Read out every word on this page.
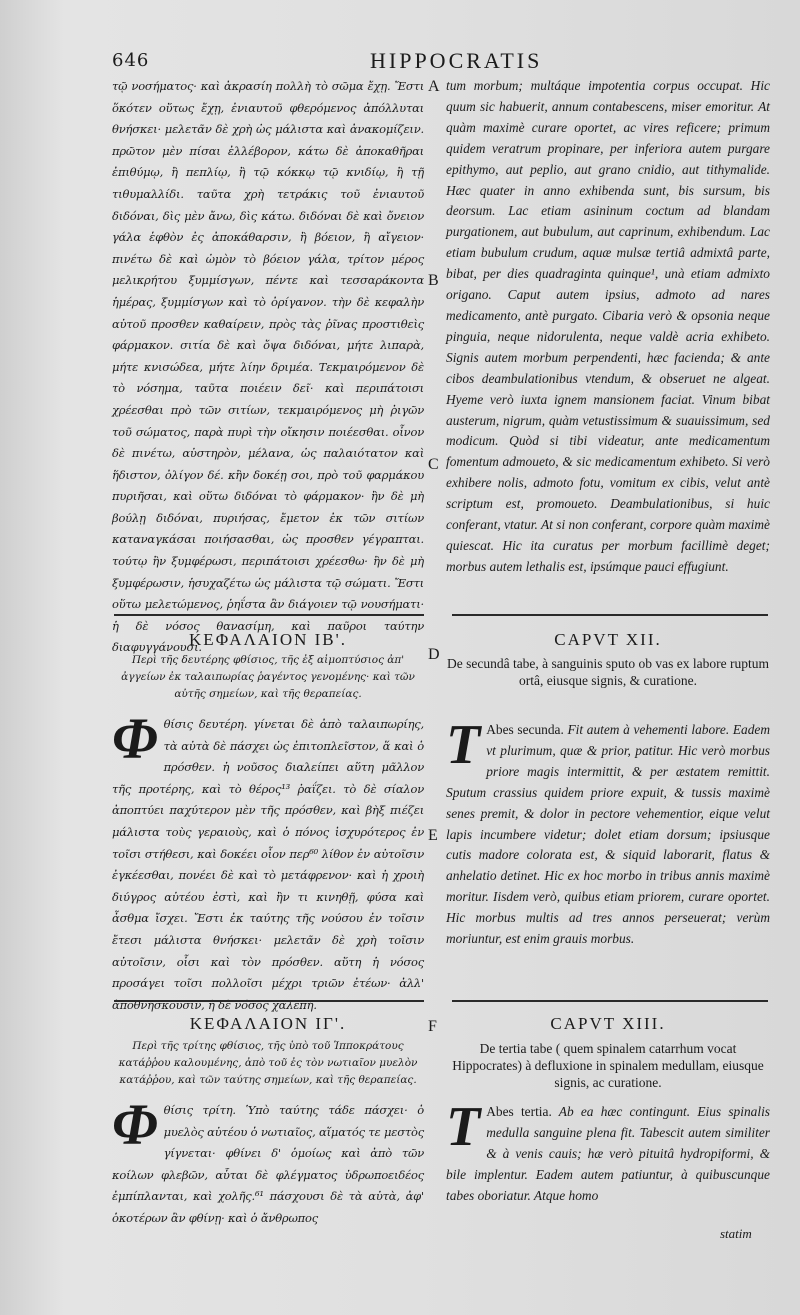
646	HIPPOCRATIS

τῷ νοσήματος· καὶ ἀκρασίη πολλὴ τὸ σῶμα ἔχῃ. Ἔστι ὅκότεν οὕτως ἔχῃ, ἐνιαυτοῦ φθερόμενος ἀπόλλυται θνήσκει· μελετᾶν δὲ χρὴ ὡς μάλιστα καὶ ἀνακομίζειν. πρῶτον μὲν πίσαι ἐλλέβορον, κάτω δὲ ἀποκαθῆραι ἐπιθύμῳ, ἢ πεπλίῳ, ἢ τῷ κόκκῳ τῷ κνιδίῳ, ἢ τῇ τιθυμαλλίδι. ταῦτα χρὴ τετράκις τοῦ ἐνιαυτοῦ διδόναι, δὶς μὲν ἄνω, δὶς κάτω. διδόναι δὲ καὶ ὄνειον γάλα ἑφθὸν ἐς ἀποκάθαρσιν, ἢ βόειον, ἢ αἴγειον· πινέτω δὲ καὶ ὠμὸν τὸ βόειον γάλα, τρίτον μέρος μελικρήτου ξυμμίσγων, πέντε καὶ τεσσαράκοντα ἡμέρας, ξυμμίσγων καὶ τὸ ὀρίγανον. τὴν δὲ κεφαλὴν αὐτοῦ προσθεν καθαίρειν, πρὸς τὰς ῥῖνας προστιθεὶς φάρμακον. σιτία δὲ καὶ ὄψα διδόναι, μήτε λιπαρὰ, μήτε κνισώδεα, μήτε λίην δριμέα. Τεκμαιρόμενον δὲ τὸ νόσημα, ταῦτα ποιέειν δεῖ· καὶ περιπάτοισι χρέεσθαι πρὸ τῶν σιτίων, τεκμαιρόμενος μὴ ῥιγῶν τοῦ σώματος, παρὰ πυρὶ τὴν οἴκησιν ποιέεσθαι. οἶνον δὲ πινέτω, αὐστηρὸν, μέλανα, ὡς παλαιότατον καὶ ἥδιστον, ὀλίγον δέ. κἢν δοκέῃ σοι, πρὸ τοῦ φαρμάκου πυριῆσαι, καὶ οὕτω διδόναι τὸ φάρμακον· ἢν δὲ μὴ βούλῃ διδόναι, πυριήσας, ἔμετον ἐκ τῶν σιτίων καταναγκάσαι ποιήσασθαι, ὡς προσθεν γέγραπται. τούτῳ ἢν ξυμφέρωσι, περιπάτοισι χρέεσθω· ἢν δὲ μὴ ξυμφέρωσιν, ἡσυχαζέτω ὡς μάλιστα τῷ σώματι. Ἔστι οὕτω μελετώμενος, ῥηΐστα ἂν διάγοιεν τῷ νουσήματι· ἡ δὲ νόσος θανασίμη, καὶ παῦροι ταύτην διαφυγγάνουσι.

tum morbum; multáque impotentia corpus occupat. Hic quum sic habuerit, annum contabescens, miser emoritur. At quàm maximè curare oportet, ac vires reficere; primum quidem veratrum propinare, per inferiora autem purgare epithymo, aut peplio, aut grano cnidio, aut tithymalide. Hæc quater in anno exhibenda sunt, bis sursum, bis deorsum. Lac etiam asininum coctum ad blandam purgationem, aut bubulum, aut caprinum, exhibendum. Lac etiam bubulum crudum, aquæ mulsæ tertiâ admixtâ parte, bibat, per dies quadraginta quinque¹, unà etiam admixto origano. Caput autem ipsius, admoto ad nares medicamento, antè purgato. Cibaria verò & opsonia neque pinguia, neque nidorulenta, neque valdè acria exhibeto. Signis autem morbum perpendenti, hæc facienda; & ante cibos deambulationibus vtendum, & obseruet ne algeat. Hyeme verò iuxta ignem mansionem faciat. Vinum bibat austerum, nigrum, quàm vetustissimum & suauissimum, sed modicum. Quòd si tibi videatur, ante medicamentum fomentum admoueto, & sic medicamentum exhibeto. Si verò exhibere nolis, admoto fotu, vomitum ex cibis, velut antè scriptum est, promoueto. Deambulationibus, si huic conferant, vtatur. At si non conferant, corpore quàm maximè quiescat. Hic ita curatus per morbum facillimè deget; morbus autem lethalis est, ipsúmque pauci effugiunt.

A
B
C
D
E
F
ΚΕΦΑΛΑΙΟΝ ΙΒ'.
Περὶ τῆς δευτέρης φθίσιος, τῆς ἐξ αἱμοπτύσιος ἀπ' ἀγγείων ἐκ ταλαιπωρίας ῥαγέντος γενομένης· καὶ τῶν αὐτῆς σημείων, καὶ τῆς θεραπείας.
CAPVT XII.
De secundâ tabe, à sanguinis sputo ob vas ex labore ruptum ortâ, eiusque signis, & curatione.

Φθίσις δευτέρη. γίνεται δὲ ἀπὸ ταλαιπωρίης, τὰ αὐτὰ δὲ πάσχει ὡς ἐπιτοπλεῖστον, ἅ καὶ ὁ πρόσθεν. ἡ νοῦσος διαλείπει αὕτη μᾶλλον τῆς προτέρης, καὶ τὸ θέρος¹³ ῥαΐζει. τὸ δὲ σίαλον ἀποπτύει παχύτερον μὲν τῆς πρόσθεν, καὶ βὴξ πιέζει μάλιστα τοὺς γεραιοὺς, καὶ ὁ πόνος ἰσχυρότερος ἐν τοῖσι στήθεσι, καὶ δοκέει οἷον περ⁶⁰ λίθον ἐν αὐτοῖσιν ἐγκέεσθαι, πονέει δὲ καὶ τὸ μετάφρενον· καὶ ἡ χροιὴ διύγρος αὐτέου ἐστὶ, καὶ ἢν τι κινηθῇ, φύσα καὶ ἆσθμα ἴσχει. Ἔστι ἐκ ταύτης τῆς νούσου ἐν τοῖσιν ἔτεσι μάλιστα θνήσκει· μελετᾶν δὲ χρὴ τοῖσιν αὐτοῖσιν, οἷσι καὶ τὸν πρόσθεν. αὕτη ἡ νόσος προσάγει τοῖσι πολλοῖσι μέχρι τριῶν ἐτέων· ἀλλ' ἀποθνήσκουσιν, ἡ δὲ νόσος χαλεπή.

T Abes secunda. Fit autem à vehementi labore. Eadem vt plurimum, quæ & prior, patitur. Hic verò morbus priore magis intermittit, & per æstatem remittit. Sputum crassius quidem priore expuit, & tussis maximè senes premit, & dolor in pectore vehementior, eique velut lapis incumbere videtur; dolet etiam dorsum; ipsiusque cutis madore colorata est, & siquid laborarit, flatus & anhelatio detinet. Hic ex hoc morbo in tribus annis maximè moritur. Iisdem verò, quibus etiam priorem, curare oportet. Hic morbus multis ad tres annos perseuerat; verùm moriuntur, est enim grauis morbus.

ΚΕΦΑΛΑΙΟΝ ΙΓ'.
Περὶ τῆς τρίτης φθίσιος, τῆς ὑπὸ τοῦ Ἱπποκράτους κατάῤῥου καλουμένης, ἀπὸ τοῦ ἐς τὸν νωτιαῖον μυελὸν κατάῤῥου, καὶ τῶν ταύτης σημείων, καὶ τῆς θεραπείας.
CAPVT XIII.
De tertia tabe ( quem spinalem catarrhum vocat Hippocrates) à defluxione in spinalem medullam, eiusque signis, ac curatione.

Φθίσις τρίτη. Ὑπὸ ταύτης τάδε πάσχει· ὁ μυελὸς αὐτέου ὁ νωτιαῖος, αἵματός τε μεστὸς γίγνεται· φθίνει δ' ὁμοίως καὶ ἀπὸ τῶν κοίλων φλεβῶν, αὗται δὲ φλέγματος ὑδρωποειδέος ἐμπίπλανται, καὶ χολῆς.⁶¹ πάσχουσι δὲ τὰ αὐτὰ, ἀφ' ὁκοτέρων ἂν φθίνῃ· καὶ ὁ ἄνθρωπος

T Abes tertia. Ab ea hæc contingunt. Eius spinalis medulla sanguine plena fit. Tabescit autem similiter & à venis cauis; hæ verò pituitâ hydropiformi, & bile implentur. Eadem autem patiuntur, à quibuscunque tabes oboriatur. Atque homo

statim
